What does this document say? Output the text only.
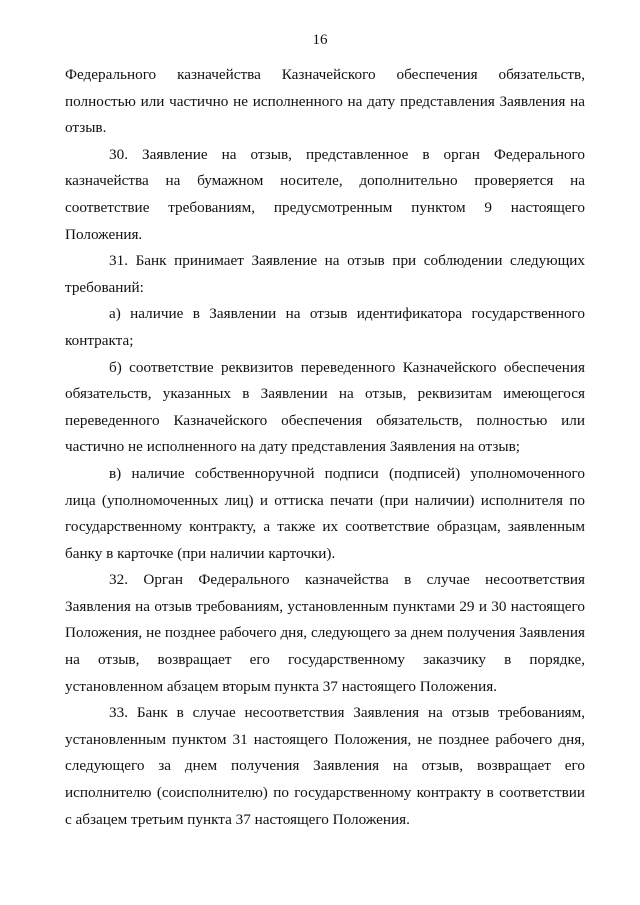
16

Федерального казначейства Казначейского обеспечения обязательств, полностью или частично не исполненного на дату представления Заявления на отзыв.

30. Заявление на отзыв, представленное в орган Федерального казначейства на бумажном носителе, дополнительно проверяется на соответствие требованиям, предусмотренным пунктом 9 настоящего Положения.

31. Банк принимает Заявление на отзыв при соблюдении следующих требований:

а) наличие в Заявлении на отзыв идентификатора государственного контракта;

б) соответствие реквизитов переведенного Казначейского обеспечения обязательств, указанных в Заявлении на отзыв, реквизитам имеющегося переведенного Казначейского обеспечения обязательств, полностью или частично не исполненного на дату представления Заявления на отзыв;

в) наличие собственноручной подписи (подписей) уполномоченного лица (уполномоченных лиц) и оттиска печати (при наличии) исполнителя по государственному контракту, а также их соответствие образцам, заявленным банку в карточке (при наличии карточки).

32. Орган Федерального казначейства в случае несоответствия Заявления на отзыв требованиям, установленным пунктами 29 и 30 настоящего Положения, не позднее рабочего дня, следующего за днем получения Заявления на отзыв, возвращает его государственному заказчику в порядке, установленном абзацем вторым пункта 37 настоящего Положения.

33. Банк в случае несоответствия Заявления на отзыв требованиям, установленным пунктом 31 настоящего Положения, не позднее рабочего дня, следующего за днем получения Заявления на отзыв, возвращает его исполнителю (соисполнителю) по государственному контракту в соответствии с абзацем третьим пункта 37 настоящего Положения.
